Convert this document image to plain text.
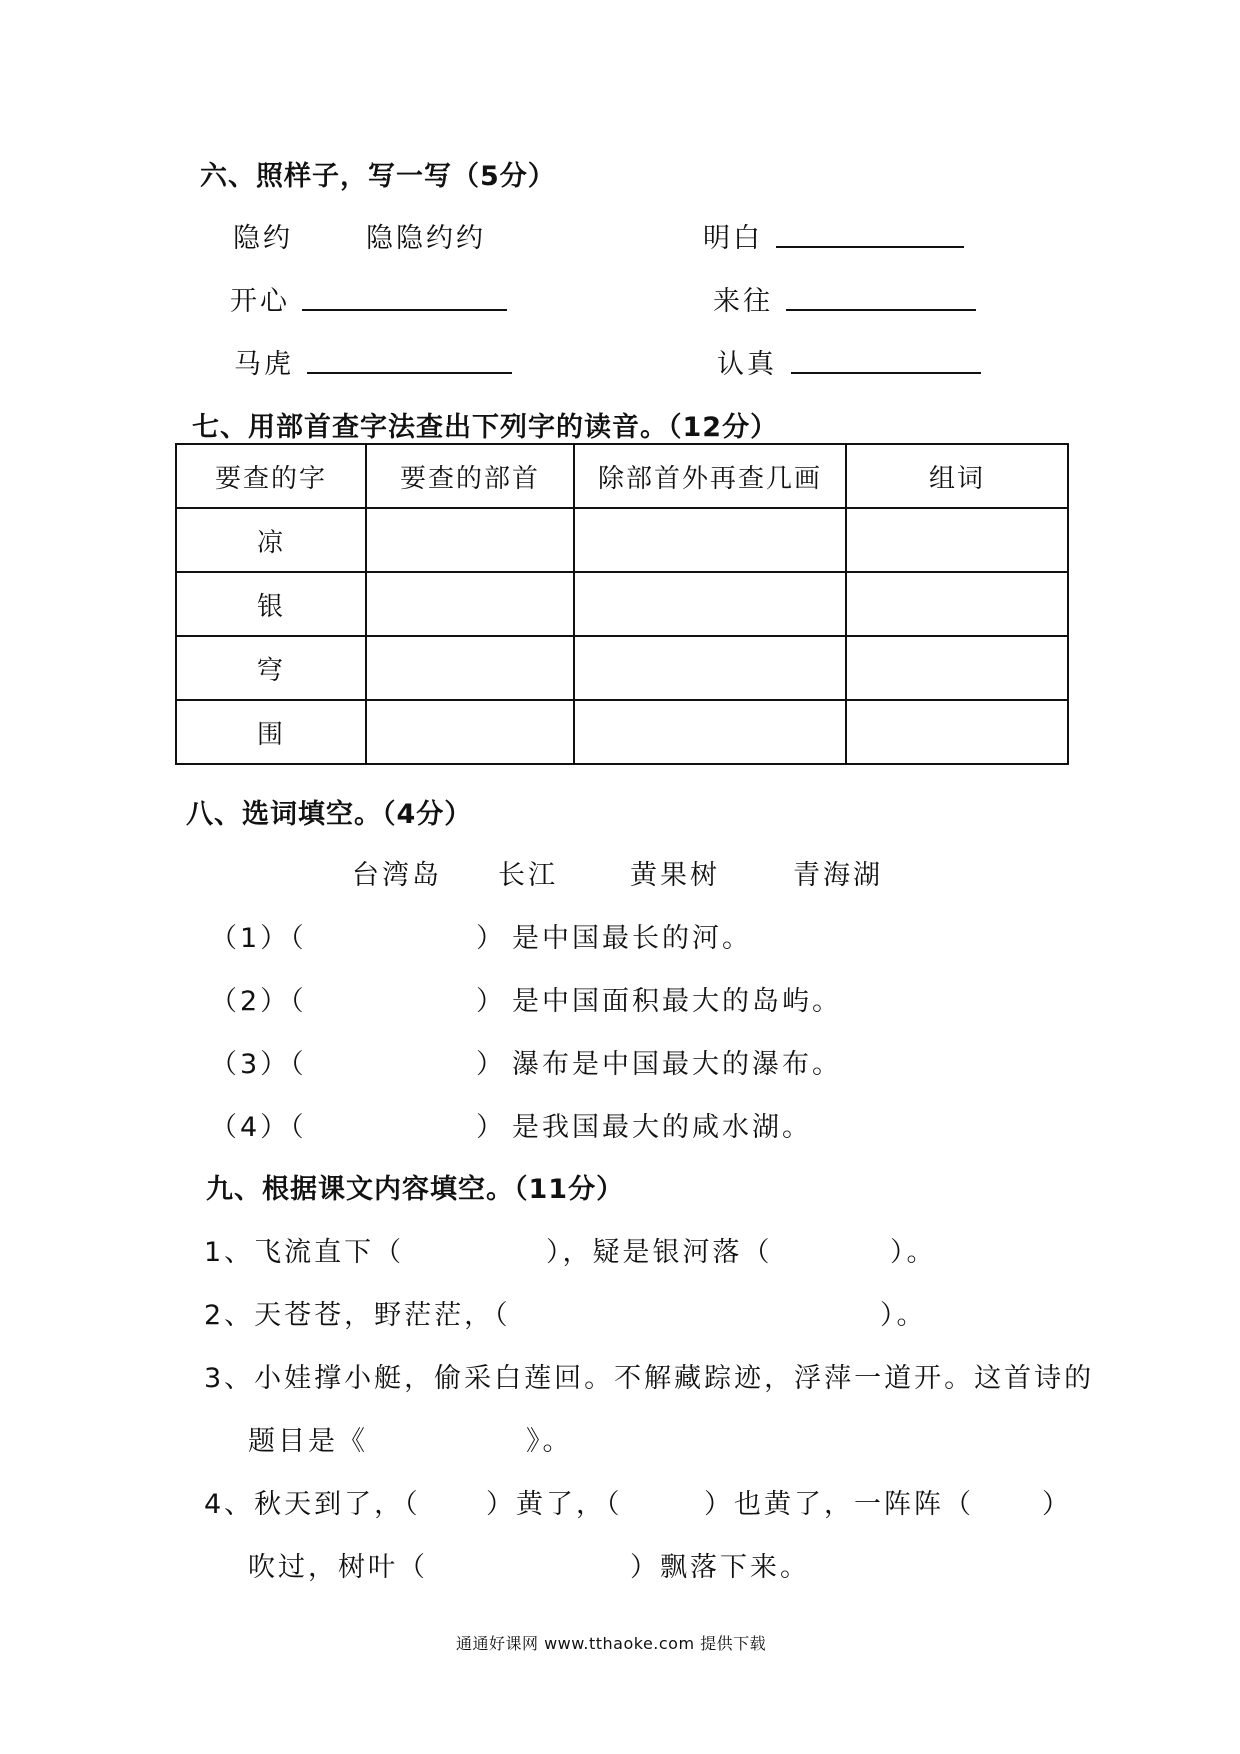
六、照样子，写一写（5分）
隐约	隐隐约约	明白
开心	来往
马虎	认真
七、用部首查字法查出下列字的读音。（12分）
要查的字	要查的部首	除部首外再查几画	组词
凉			
银			
穹			
围			
八、选词填空。（4分）
台湾岛 长江	黄果树	青海湖
（1）（	） 是中国最长的河。
（2）（	） 是中国面积最大的岛屿。
（3）（	） 瀑布是中国最大的瀑布。
（4）（	） 是我国最大的咸水湖。
九、根据课文内容填空。（11分）
1、飞流直下（	），疑是银河落（	）。
2、天苍苍，野茫茫，（	）。
3、小娃撑小艇，偷采白莲回。不解藏踪迹，浮萍一道开。这首诗的
题目是《	》。
4、秋天到了，（ ）黄了，（	）也黄了，一阵阵（	）
吹过，树叶（	）飘落下来。
通通好课网 www.tthaoke.com 提供下载
